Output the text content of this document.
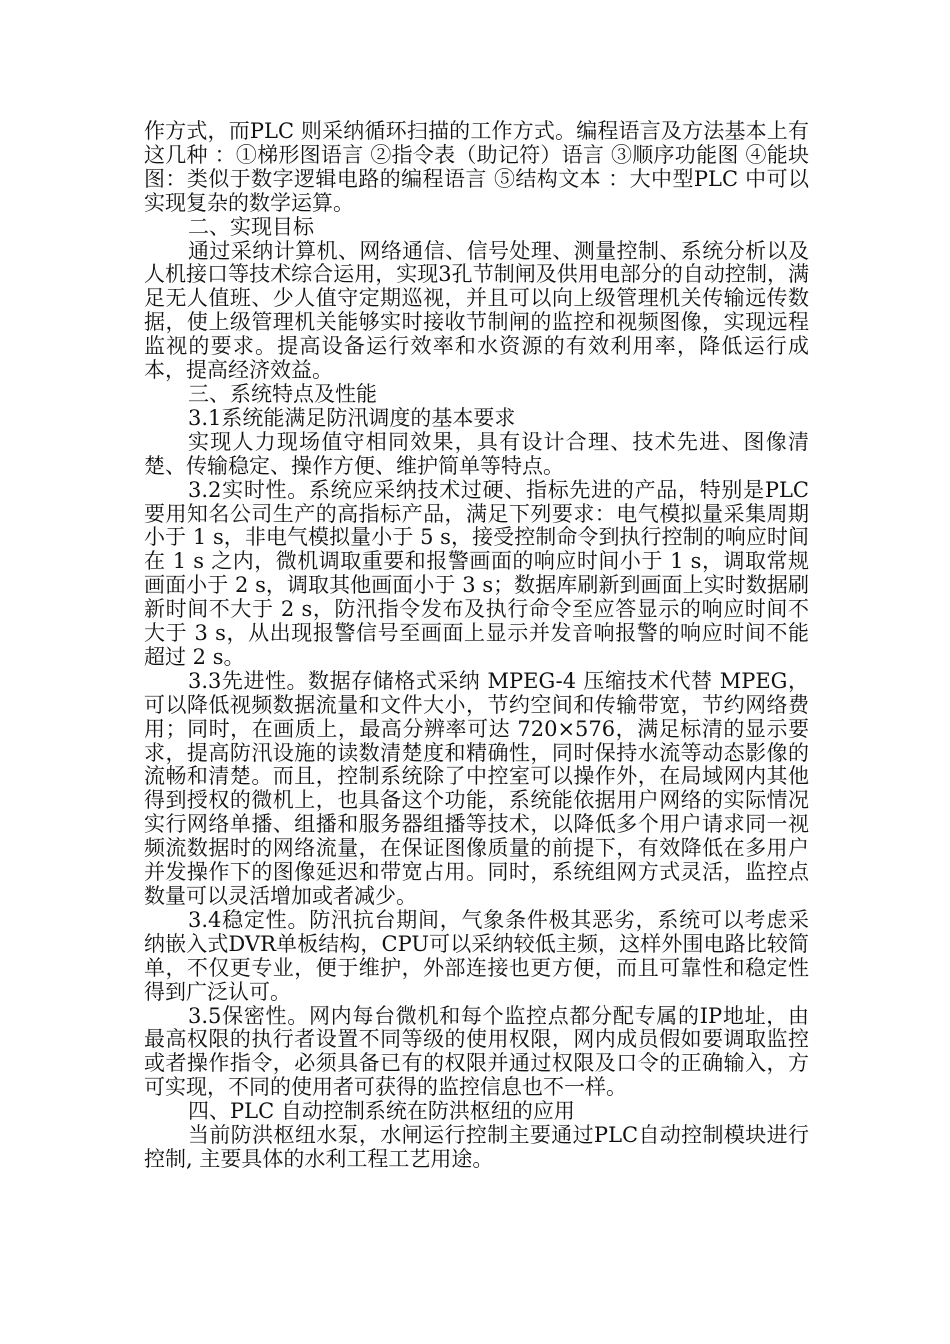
作方式，而PLC 则采纳循环扫描的工作方式。编程语言及方法基本上有这几种 ：①梯形图语言 ②指令表（助记符）语言 ③顺序功能图 ④能块图：类似于数字逻辑电路的编程语言 ⑤结构文本 ：大中型PLC 中可以实现复杂的数学运算。

二、实现目标

通过采纳计算机、网络通信、信号处理、测量控制、系统分析以及人机接口等技术综合运用，实现3孔节制闸及供用电部分的自动控制，满足无人值班、少人值守定期巡视，并且可以向上级管理机关传输远传数据，使上级管理机关能够实时接收节制闸的监控和视频图像，实现远程监视的要求。提高设备运行效率和水资源的有效利用率，降低运行成本，提高经济效益。

三、系统特点及性能

3.1系统能满足防汛调度的基本要求

实现人力现场值守相同效果，具有设计合理、技术先进、图像清楚、传输稳定、操作方便、维护简单等特点。

3.2实时性。系统应采纳技术过硬、指标先进的产品，特别是PLC 要用知名公司生产的高指标产品，满足下列要求：电气模拟量采集周期小于 1 s，非电气模拟量小于 5 s，接受控制命令到执行控制的响应时间在 1 s 之内，微机调取重要和报警画面的响应时间小于 1 s，调取常规画面小于 2 s，调取其他画面小于 3 s；数据库刷新到画面上实时数据刷新时间不大于 2 s，防汛指令发布及执行命令至应答显示的响应时间不大于 3 s，从出现报警信号至画面上显示并发音响报警的响应时间不能超过 2 s。

3.3先进性。数据存储格式采纳 MPEG-4 压缩技术代替 MPEG，可以降低视频数据流量和文件大小，节约空间和传输带宽，节约网络费用；同时，在画质上，最高分辨率可达 720×576，满足标清的显示要求，提高防汛设施的读数清楚度和精确性，同时保持水流等动态影像的流畅和清楚。而且，控制系统除了中控室可以操作外，在局域网内其他得到授权的微机上，也具备这个功能，系统能依据用户网络的实际情况实行网络单播、组播和服务器组播等技术，以降低多个用户请求同一视频流数据时的网络流量，在保证图像质量的前提下，有效降低在多用户并发操作下的图像延迟和带宽占用。同时，系统组网方式灵活，监控点数量可以灵活增加或者减少。

3.4稳定性。防汛抗台期间，气象条件极其恶劣，系统可以考虑采纳嵌入式DVR单板结构，CPU可以采纳较低主频，这样外围电路比较简单，不仅更专业，便于维护，外部连接也更方便，而且可靠性和稳定性得到广泛认可。

3.5保密性。网内每台微机和每个监控点都分配专属的IP地址，由最高权限的执行者设置不同等级的使用权限，网内成员假如要调取监控或者操作指令，必须具备已有的权限并通过权限及口令的正确输入，方可实现，不同的使用者可获得的监控信息也不一样。

四、PLC 自动控制系统在防洪枢纽的应用

当前防洪枢纽水泵，水闸运行控制主要通过PLC自动控制模块进行控制, 主要具体的水利工程工艺用途。
